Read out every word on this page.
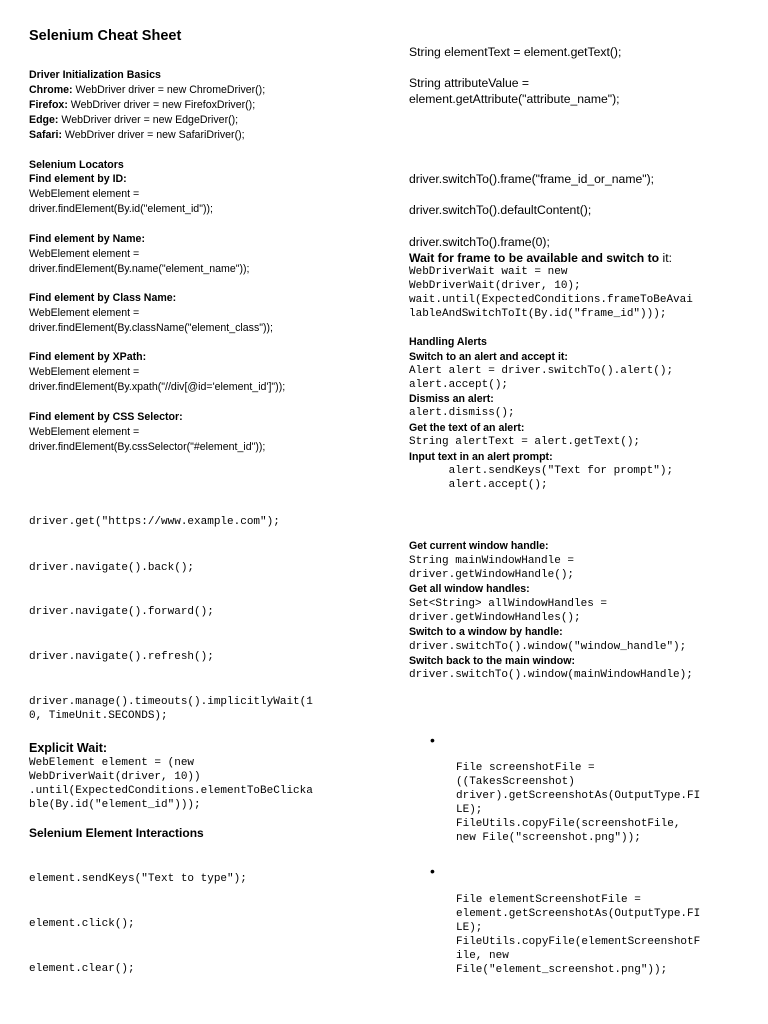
Selenium Cheat Sheet
Driver Initialization Basics
Chrome: WebDriver driver = new ChromeDriver();
Firefox: WebDriver driver = new FirefoxDriver();
Edge: WebDriver driver = new EdgeDriver();
Safari: WebDriver driver = new SafariDriver();
Selenium Locators
Find element by ID:
WebElement element =
driver.findElement(By.id("element_id"));
Find element by Name:
WebElement element =
driver.findElement(By.name("element_name"));
Find element by Class Name:
WebElement element =
driver.findElement(By.className("element_class"));
Find element by XPath:
WebElement element =
driver.findElement(By.xpath("//div[@id='element_id']"));
Find element by CSS Selector:
WebElement element =
driver.findElement(By.cssSelector("#element_id"));
driver.get("https://www.example.com");
driver.navigate().back();
driver.navigate().forward();
driver.navigate().refresh();
driver.manage().timeouts().implicitlyWait(1
0, TimeUnit.SECONDS);
Explicit Wait:
WebElement element = (new
WebDriverWait(driver, 10))
.until(ExpectedConditions.elementToBeClicka
ble(By.id("element_id")));
Selenium Element Interactions
element.sendKeys("Text to type");
element.click();
element.clear();
String elementText = element.getText();
String attributeValue =
element.getAttribute("attribute_name");
driver.switchTo().frame("frame_id_or_name");
driver.switchTo().defaultContent();
driver.switchTo().frame(0);
Wait for frame to be available and switch to it:
WebDriverWait wait = new
WebDriverWait(driver, 10);
wait.until(ExpectedConditions.frameToBeAvai
lableAndSwitchToIt(By.id("frame_id")));
Handling Alerts
Switch to an alert and accept it:
Alert alert = driver.switchTo().alert();
alert.accept();
Dismiss an alert:
alert.dismiss();
Get the text of an alert:
String alertText = alert.getText();
Input text in an alert prompt:
alert.sendKeys("Text for prompt");
alert.accept();
Get current window handle:
String mainWindowHandle =
driver.getWindowHandle();
Get all window handles:
Set<String> allWindowHandles =
driver.getWindowHandles();
Switch to a window by handle:
driver.switchTo().window("window_handle");
Switch back to the main window:
driver.switchTo().window(mainWindowHandle);
•
File screenshotFile =
((TakesScreenshot)
driver).getScreenshotAs(OutputType.FI
LE);
FileUtils.copyFile(screenshotFile,
new File("screenshot.png"));
•
File elementScreenshotFile =
element.getScreenshotAs(OutputType.FI
LE);
FileUtils.copyFile(elementScreenshotF
ile, new
File("element_screenshot.png"));
